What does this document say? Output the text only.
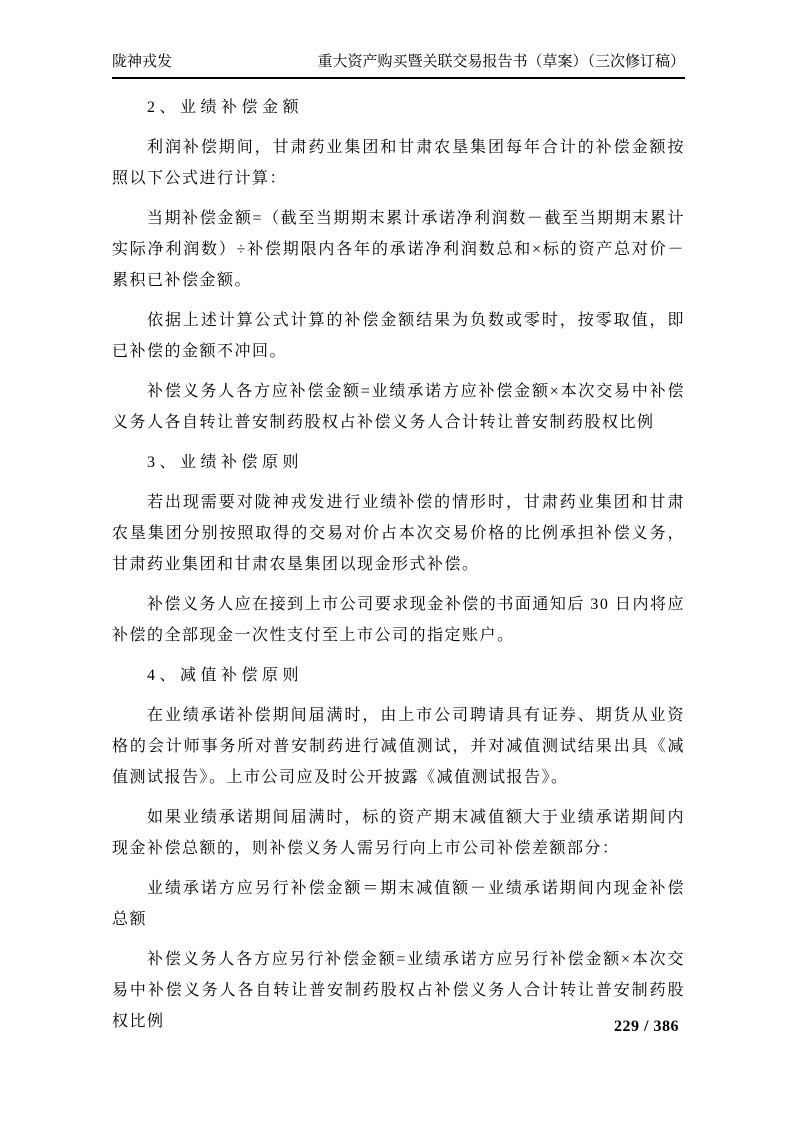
陇神戎发	重大资产购买暨关联交易报告书（草案）（三次修订稿）

2、业绩补偿金额

利润补偿期间，甘肃药业集团和甘肃农垦集团每年合计的补偿金额按照以下公式进行计算：

当期补偿金额=（截至当期期末累计承诺净利润数－截至当期期末累计实际净利润数）÷补偿期限内各年的承诺净利润数总和×标的资产总对价－累积已补偿金额。

依据上述计算公式计算的补偿金额结果为负数或零时，按零取值，即已补偿的金额不冲回。

补偿义务人各方应补偿金额=业绩承诺方应补偿金额×本次交易中补偿义务人各自转让普安制药股权占补偿义务人合计转让普安制药股权比例

3、业绩补偿原则

若出现需要对陇神戎发进行业绩补偿的情形时，甘肃药业集团和甘肃农垦集团分别按照取得的交易对价占本次交易价格的比例承担补偿义务，甘肃药业集团和甘肃农垦集团以现金形式补偿。

补偿义务人应在接到上市公司要求现金补偿的书面通知后 30 日内将应补偿的全部现金一次性支付至上市公司的指定账户。

4、减值补偿原则

在业绩承诺补偿期间届满时，由上市公司聘请具有证券、期货从业资格的会计师事务所对普安制药进行减值测试，并对减值测试结果出具《减值测试报告》。上市公司应及时公开披露《减值测试报告》。

如果业绩承诺期间届满时，标的资产期末减值额大于业绩承诺期间内现金补偿总额的，则补偿义务人需另行向上市公司补偿差额部分：

业绩承诺方应另行补偿金额＝期末减值额－业绩承诺期间内现金补偿总额

补偿义务人各方应另行补偿金额=业绩承诺方应另行补偿金额×本次交易中补偿义务人各自转让普安制药股权占补偿义务人合计转让普安制药股权比例	229 / 386
